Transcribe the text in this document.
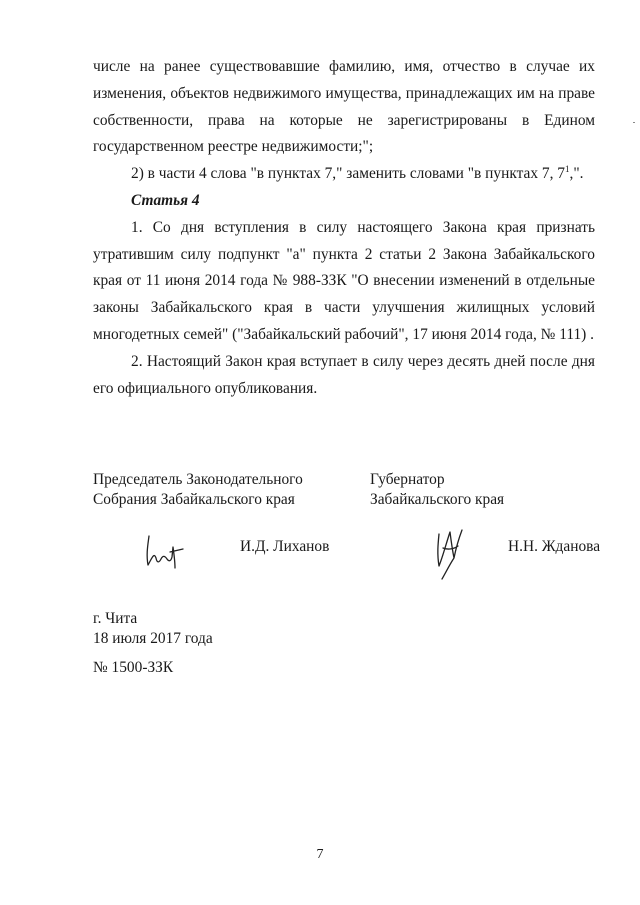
числе на ранее существовавшие фамилию, имя, отчество в случае их изменения, объектов недвижимого имущества, принадлежащих им на праве собственности, права на которые не зарегистрированы в Едином государственном реестре недвижимости;";

2) в части 4 слова "в пунктах 7," заменить словами "в пунктах 7, $7^1$,".

Статья 4

1. Со дня вступления в силу настоящего Закона края признать утратившим силу подпункт "а" пункта 2 статьи 2 Закона Забайкальского края от 11 июня 2014 года № 988-ЗЗК "О внесении изменений в отдельные законы Забайкальского края в части улучшения жилищных условий многодетных семей" ("Забайкальский рабочий", 17 июня 2014 года, № 111) .

2. Настоящий Закон края вступает в силу через десять дней после дня его официального опубликования.

Председатель Законодательного
Собрания Забайкальского края
Губернатор
Забайкальского края
И.Д. Лиханов	Н.Н. Жданова
г. Чита
18 июля 2017 года
№ 1500-ЗЗК
7
